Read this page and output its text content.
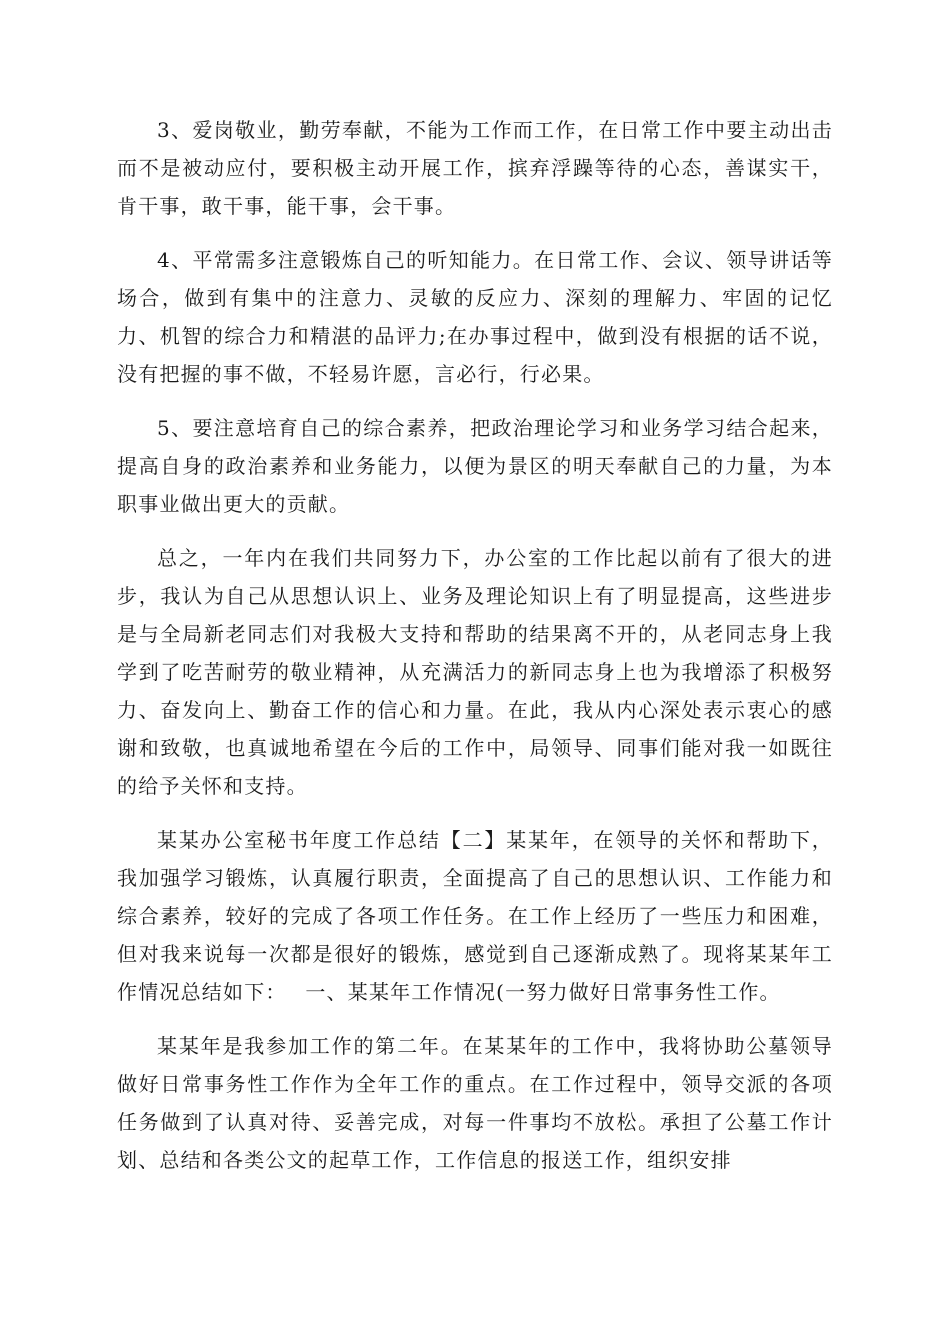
3、爱岗敬业，勤劳奉献，不能为工作而工作，在日常工作中要主动出击而不是被动应付，要积极主动开展工作，摈弃浮躁等待的心态，善谋实干，肯干事，敢干事，能干事，会干事。

4、平常需多注意锻炼自己的听知能力。在日常工作、会议、领导讲话等场合，做到有集中的注意力、灵敏的反应力、深刻的理解力、牢固的记忆力、机智的综合力和精湛的品评力;在办事过程中，做到没有根据的话不说，没有把握的事不做，不轻易许愿，言必行，行必果。

5、要注意培育自己的综合素养，把政治理论学习和业务学习结合起来，提高自身的政治素养和业务能力，以便为景区的明天奉献自己的力量，为本职事业做出更大的贡献。

总之，一年内在我们共同努力下，办公室的工作比起以前有了很大的进步，我认为自己从思想认识上、业务及理论知识上有了明显提高，这些进步是与全局新老同志们对我极大支持和帮助的结果离不开的，从老同志身上我学到了吃苦耐劳的敬业精神，从充满活力的新同志身上也为我增添了积极努力、奋发向上、勤奋工作的信心和力量。在此，我从内心深处表示衷心的感谢和致敬，也真诚地希望在今后的工作中，局领导、同事们能对我一如既往的给予关怀和支持。

某某办公室秘书年度工作总结【二】某某年，在领导的关怀和帮助下，我加强学习锻炼，认真履行职责，全面提高了自己的思想认识、工作能力和综合素养，较好的完成了各项工作任务。在工作上经历了一些压力和困难，但对我来说每一次都是很好的锻炼，感觉到自己逐渐成熟了。现将某某年工作情况总结如下：　 一、某某年工作情况(一努力做好日常事务性工作。

某某年是我参加工作的第二年。在某某年的工作中，我将协助公墓领导做好日常事务性工作作为全年工作的重点。在工作过程中，领导交派的各项任务做到了认真对待、妥善完成，对每一件事均不放松。承担了公墓工作计划、总结和各类公文的起草工作，工作信息的报送工作，组织安排
